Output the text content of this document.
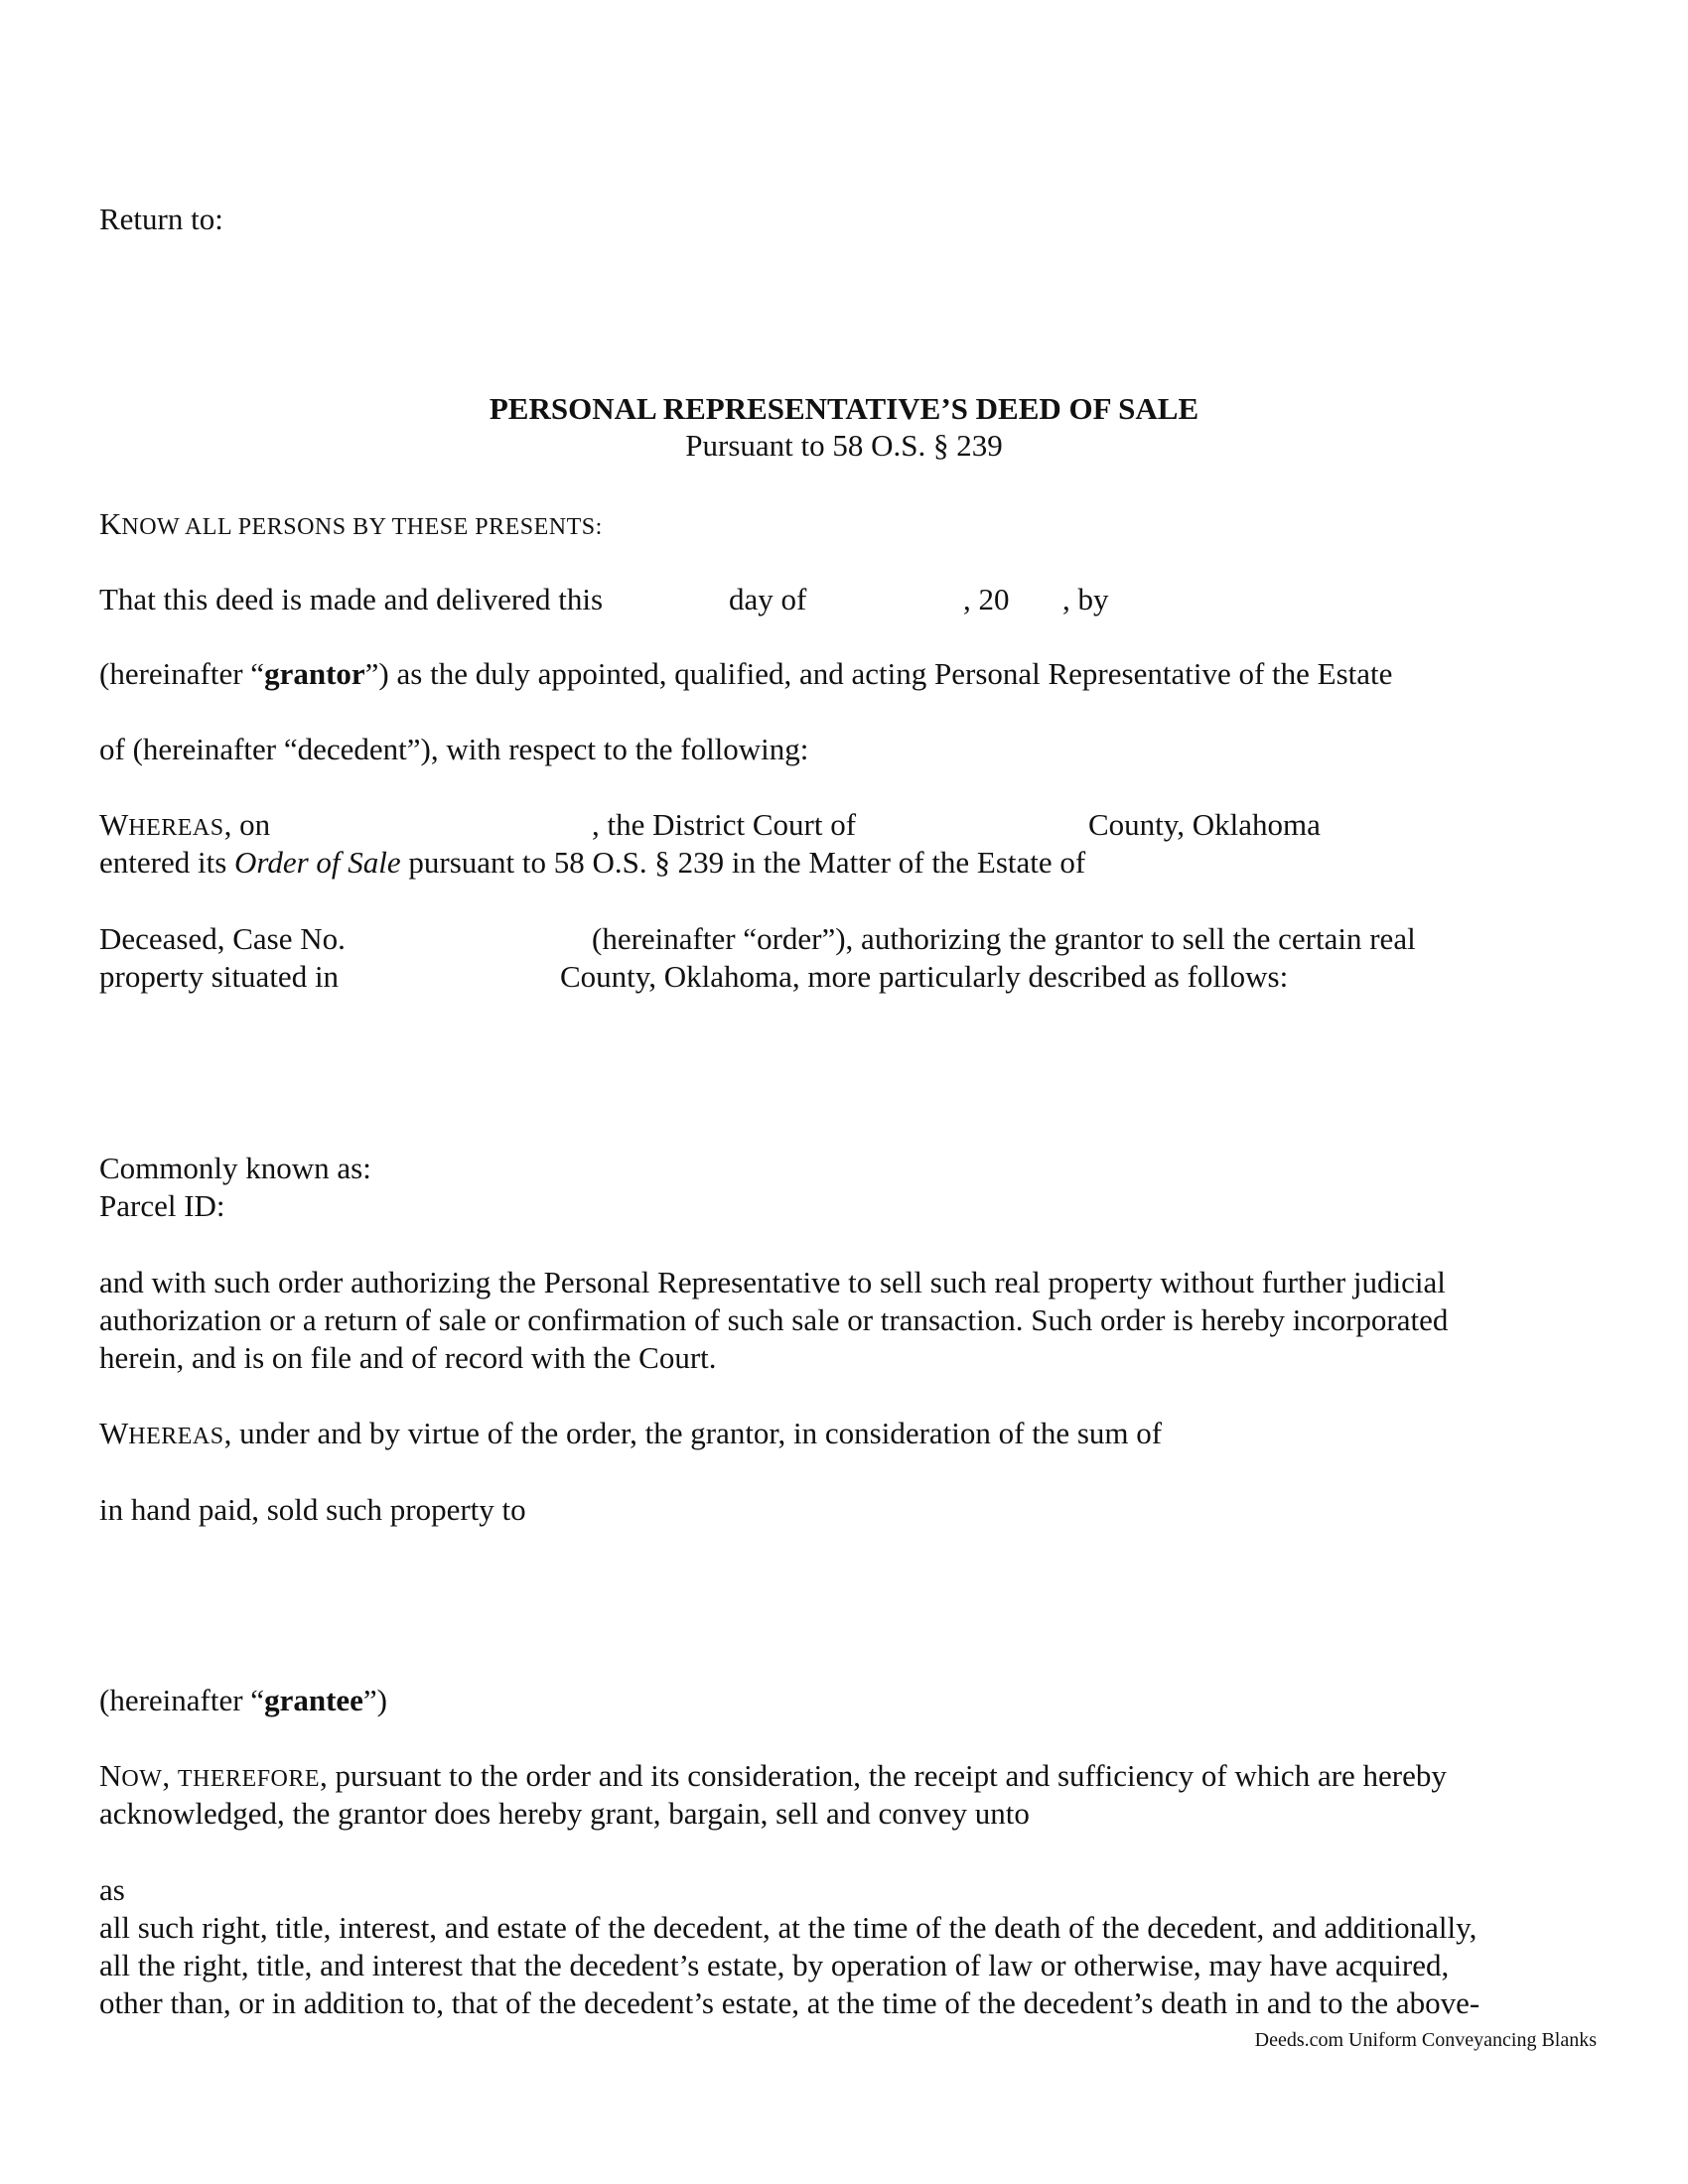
Return to:
PERSONAL REPRESENTATIVE’S DEED OF SALE
Pursuant to 58 O.S. § 239
KNOW ALL PERSONS BY THESE PRESENTS:
That this deed is made and delivered this	day of	, 20 , by
(hereinafter “grantor”) as the duly appointed, qualified, and acting Personal Representative of the Estate
of (hereinafter “decedent”), with respect to the following:
WHEREAS, on	, the District Court of	County, Oklahoma
entered its Order of Sale pursuant to 58 O.S. § 239 in the Matter of the Estate of
Deceased, Case No.	(hereinafter “order”), authorizing the grantor to sell the certain real
property situated in	County, Oklahoma, more particularly described as follows:
Commonly known as:
Parcel ID:
and with such order authorizing the Personal Representative to sell such real property without further judicial
authorization or a return of sale or confirmation of such sale or transaction. Such order is hereby incorporated
herein, and is on file and of record with the Court.
WHEREAS, under and by virtue of the order, the grantor, in consideration of the sum of
in hand paid, sold such property to
(hereinafter “grantee”)
NOW, THEREFORE, pursuant to the order and its consideration, the receipt and sufficiency of which are hereby
acknowledged, the grantor does hereby grant, bargain, sell and convey unto
as
all such right, title, interest, and estate of the decedent, at the time of the death of the decedent, and additionally,
all the right, title, and interest that the decedent’s estate, by operation of law or otherwise, may have acquired,
other than, or in addition to, that of the decedent’s estate, at the time of the decedent’s death in and to the above-
Deeds.com Uniform Conveyancing Blanks
